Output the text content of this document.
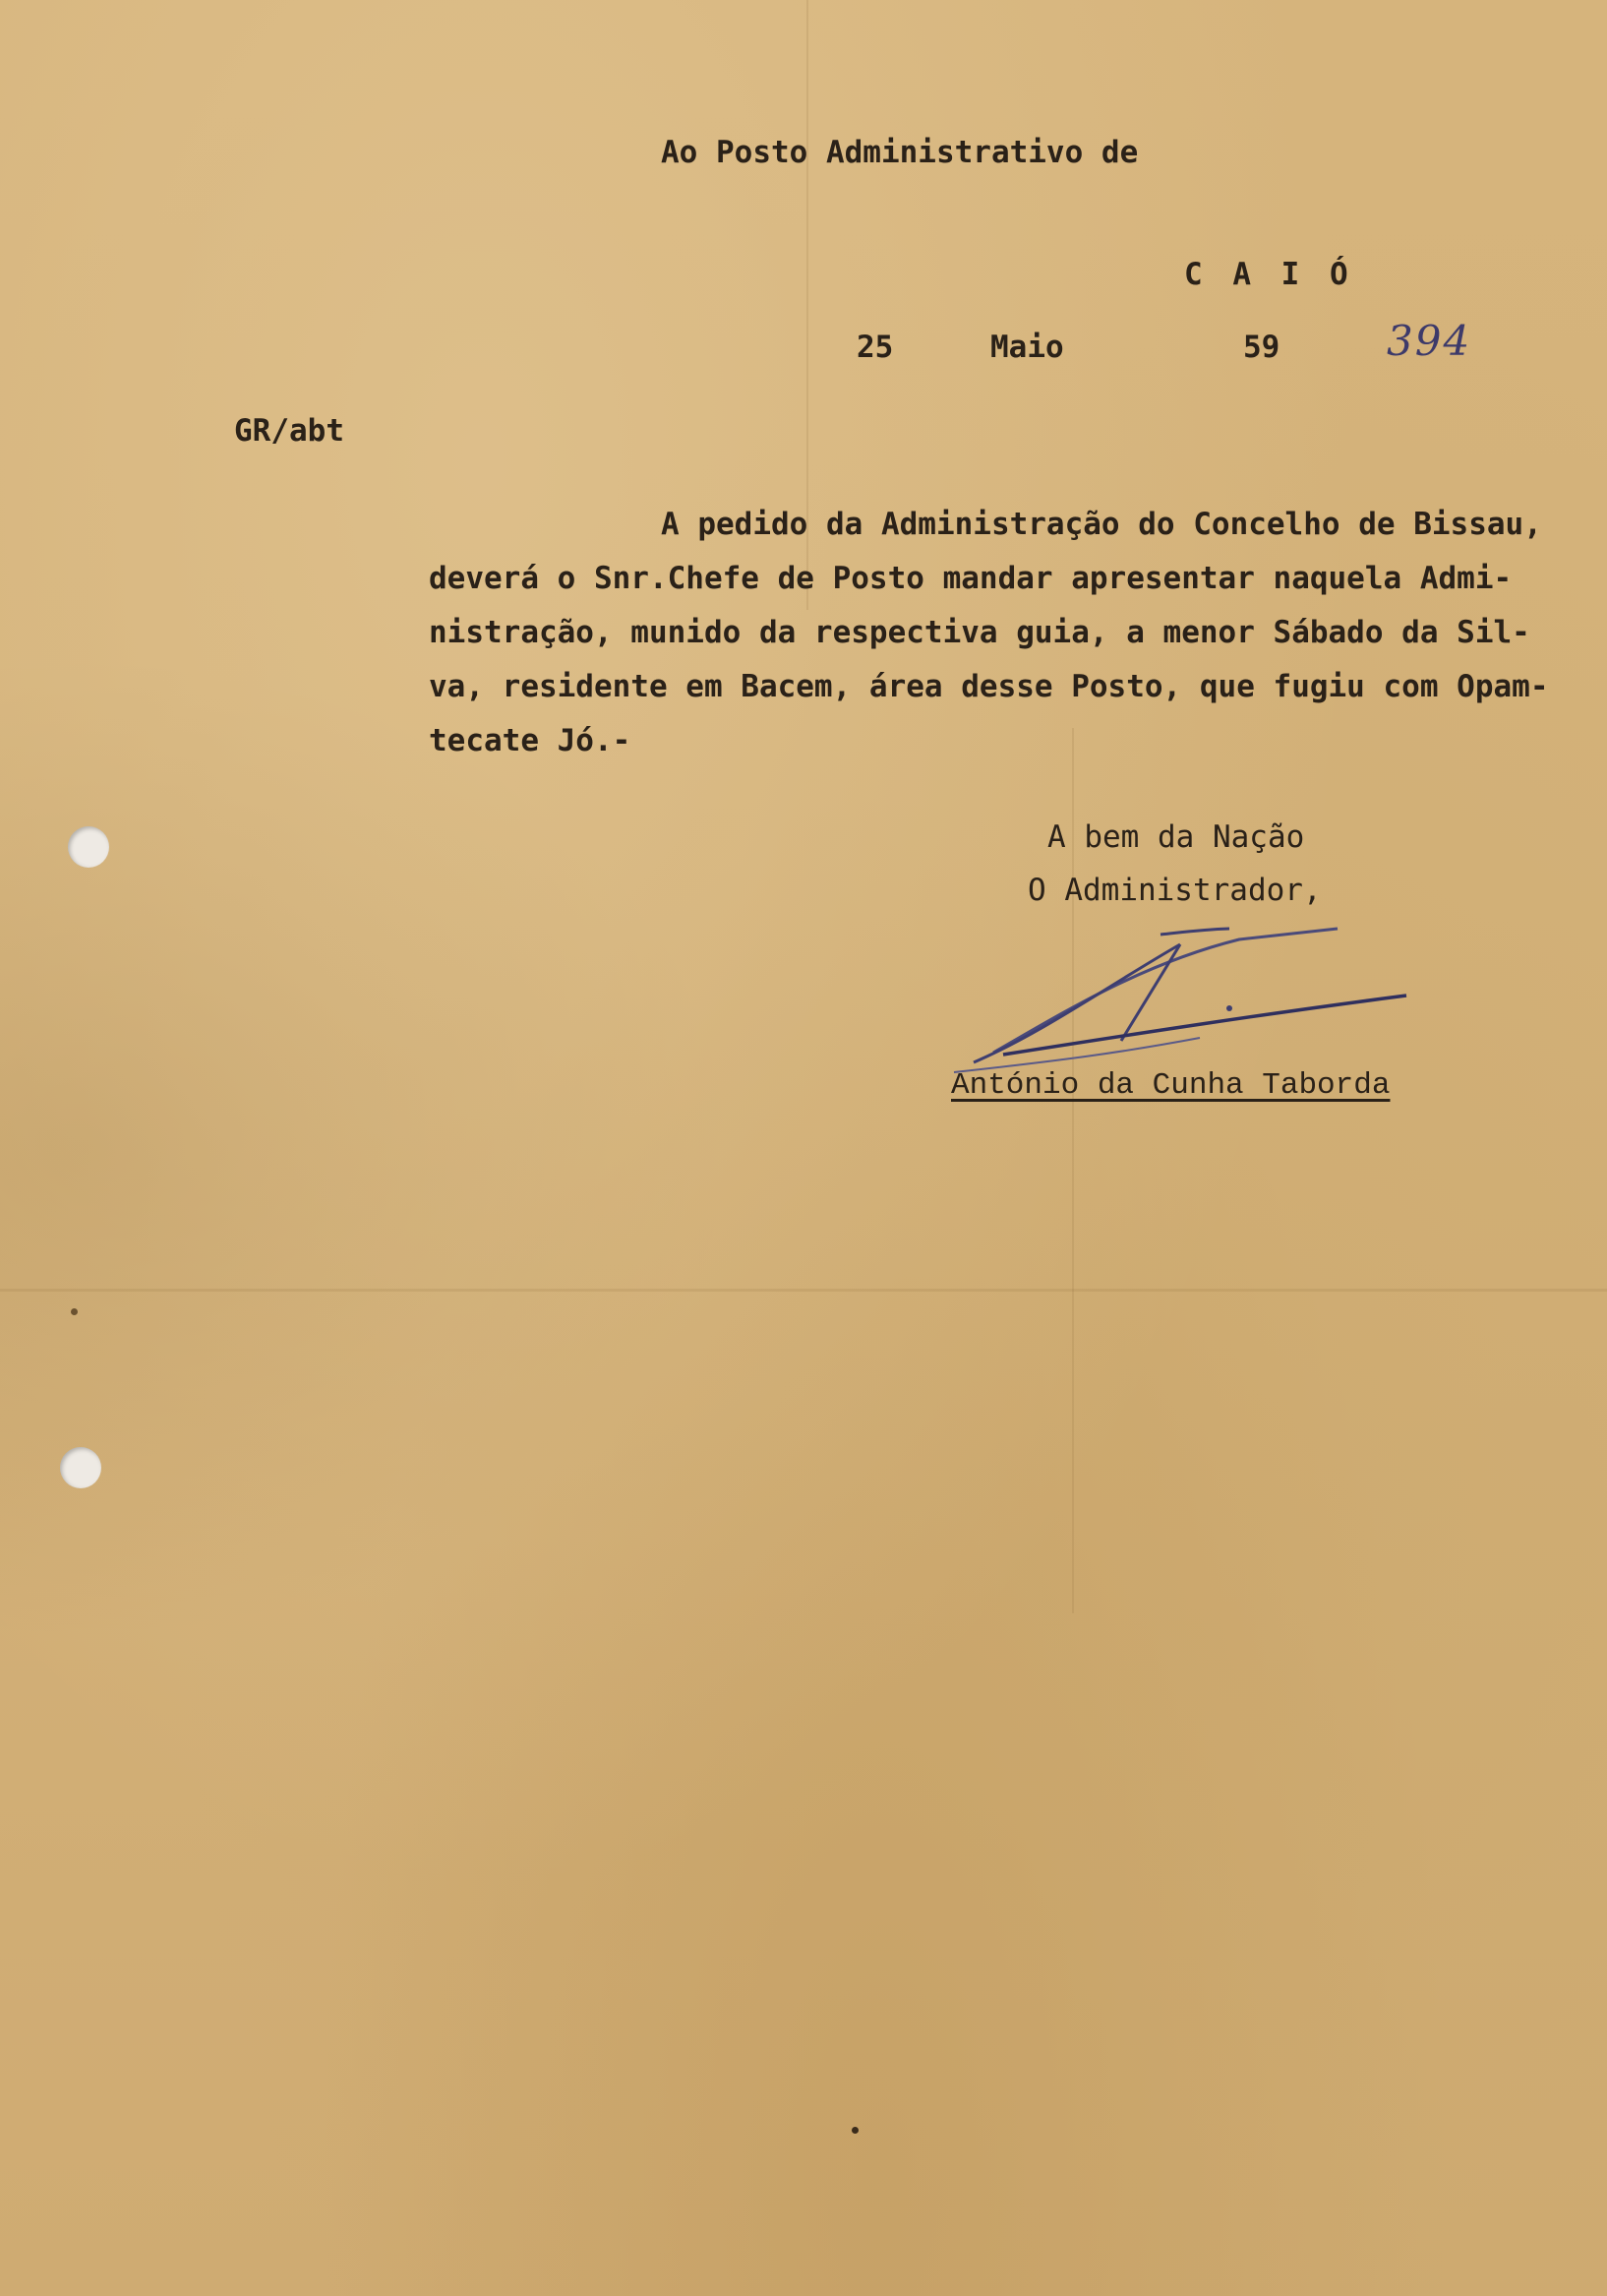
Ao Posto Administrativo de
C A I Ó
25	Maio	59	394
GR/abt
A pedido da Administração do Concelho de Bissau,
deverá o Snr.Chefe de Posto mandar apresentar naquela Admi-
nistração, munido da respectiva guia, a menor Sábado da Sil-
va, residente em Bacem, área desse Posto, que fugiu com Opam-
tecate Jó.-
A bem da Nação
O Administrador,
António da Cunha Taborda
